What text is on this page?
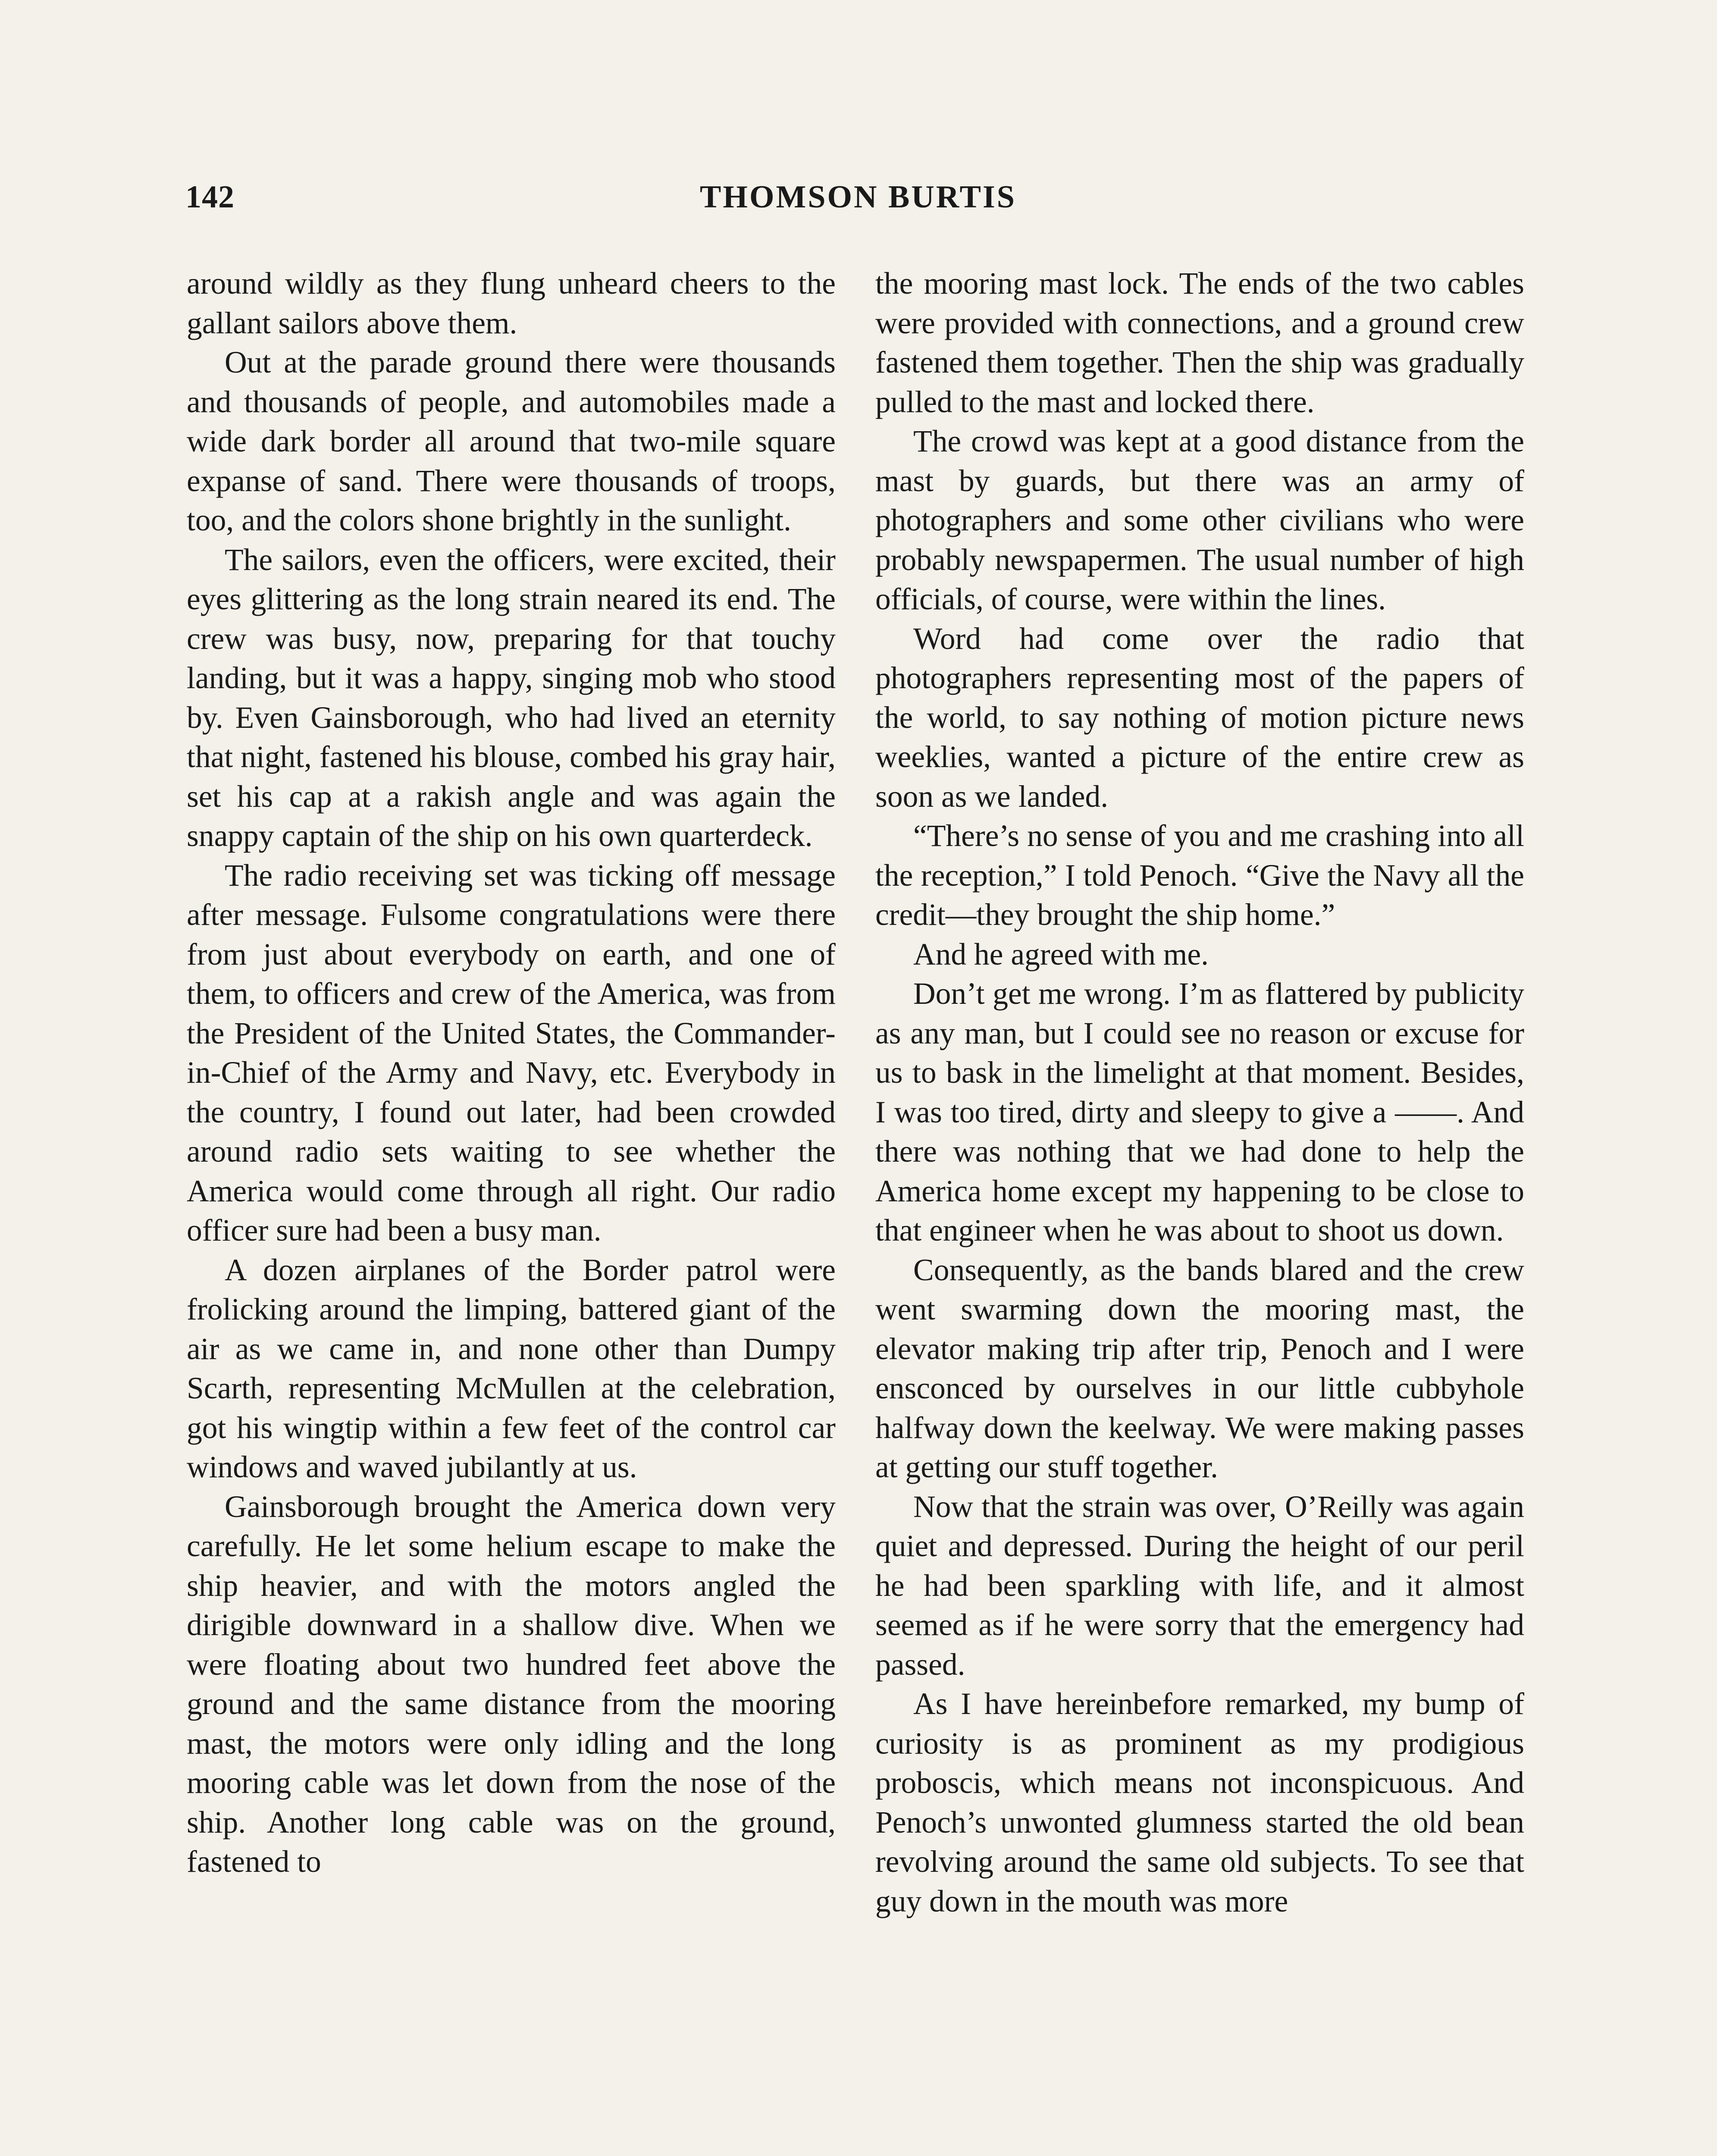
142	THOMSON BURTIS

around wildly as they flung unheard cheers to the gallant sailors above them.

Out at the parade ground there were thousands and thousands of people, and automobiles made a wide dark border all around that two-mile square expanse of sand. There were thousands of troops, too, and the colors shone brightly in the sunlight.

The sailors, even the officers, were excited, their eyes glittering as the long strain neared its end. The crew was busy, now, preparing for that touchy landing, but it was a happy, singing mob who stood by. Even Gainsborough, who had lived an eternity that night, fastened his blouse, combed his gray hair, set his cap at a rakish angle and was again the snappy captain of the ship on his own quarterdeck.

The radio receiving set was ticking off message after message. Fulsome congratulations were there from just about everybody on earth, and one of them, to officers and crew of the America, was from the President of the United States, the Commander-in-Chief of the Army and Navy, etc. Everybody in the country, I found out later, had been crowded around radio sets waiting to see whether the America would come through all right. Our radio officer sure had been a busy man.

A dozen airplanes of the Border patrol were frolicking around the limping, battered giant of the air as we came in, and none other than Dumpy Scarth, representing McMullen at the celebration, got his wingtip within a few feet of the control car windows and waved jubilantly at us.

Gainsborough brought the America down very carefully. He let some helium escape to make the ship heavier, and with the motors angled the dirigible downward in a shallow dive. When we were floating about two hundred feet above the ground and the same distance from the mooring mast, the motors were only idling and the long mooring cable was let down from the nose of the ship. Another long cable was on the ground, fastened to

the mooring mast lock. The ends of the two cables were provided with connections, and a ground crew fastened them together. Then the ship was gradually pulled to the mast and locked there.

The crowd was kept at a good distance from the mast by guards, but there was an army of photographers and some other civilians who were probably newspapermen. The usual number of high officials, of course, were within the lines.

Word had come over the radio that photographers representing most of the papers of the world, to say nothing of motion picture news weeklies, wanted a picture of the entire crew as soon as we landed.

“There’s no sense of you and me crashing into all the reception,” I told Penoch. “Give the Navy all the credit—they brought the ship home.”

And he agreed with me.

Don’t get me wrong. I’m as flattered by publicity as any man, but I could see no reason or excuse for us to bask in the limelight at that moment. Besides, I was too tired, dirty and sleepy to give a ——. And there was nothing that we had done to help the America home except my happening to be close to that engineer when he was about to shoot us down.

Consequently, as the bands blared and the crew went swarming down the mooring mast, the elevator making trip after trip, Penoch and I were ensconced by ourselves in our little cubbyhole halfway down the keelway. We were making passes at getting our stuff together.

Now that the strain was over, O’Reilly was again quiet and depressed. During the height of our peril he had been sparkling with life, and it almost seemed as if he were sorry that the emergency had passed.

As I have hereinbefore remarked, my bump of curiosity is as prominent as my prodigious proboscis, which means not inconspicuous. And Penoch’s unwonted glumness started the old bean revolving around the same old subjects. To see that guy down in the mouth was more
